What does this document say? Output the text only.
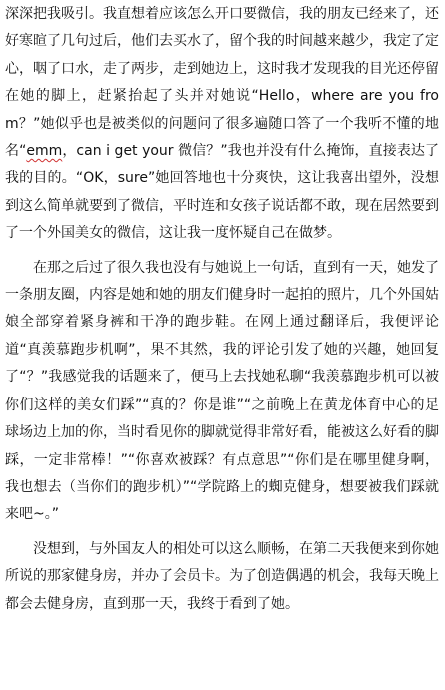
深深把我吸引。我直想着应该怎么开口要微信，我的朋友已经来了，还好寒暄了几句过后，他们去买水了，留个我的时间越来越少，我定了定心，咽了口水，走了两步，走到她边上，这时我才发现我的目光还停留在她的脚上，赶紧抬起了头并对她说“Hello，where are you from？”她似乎也是被类似的问题问了很多遍随口答了一个我听不懂的地名“emm，can i get your 微信？”我也并没有什么掩饰，直接表达了我的目的。“OK，sure”她回答地也十分爽快，这让我喜出望外，没想到这么简单就要到了微信，平时连和女孩子说话都不敢，现在居然要到了一个外国美女的微信，这让我一度怀疑自己在做梦。

在那之后过了很久我也没有与她说上一句话，直到有一天，她发了一条朋友圈，内容是她和她的朋友们健身时一起拍的照片，几个外国姑娘全部穿着紧身裤和干净的跑步鞋。在网上通过翻译后，我便评论道“真羡慕跑步机啊”，果不其然，我的评论引发了她的兴趣，她回复了“？”我感觉我的话题来了，便马上去找她私聊“我羡慕跑步机可以被你们这样的美女们踩”“真的？你是谁”“之前晚上在黄龙体育中心的足球场边上加的你，当时看见你的脚就觉得非常好看，能被这么好看的脚踩，一定非常棒！”“你喜欢被踩？有点意思”“你们是在哪里健身啊，我也想去（当你们的跑步机）”“学院路上的蜘克健身，想要被我们踩就来吧~。”

没想到，与外国友人的相处可以这么顺畅，在第二天我便来到你她所说的那家健身房，并办了会员卡。为了创造偶遇的机会，我每天晚上都会去健身房，直到那一天，我终于看到了她。
